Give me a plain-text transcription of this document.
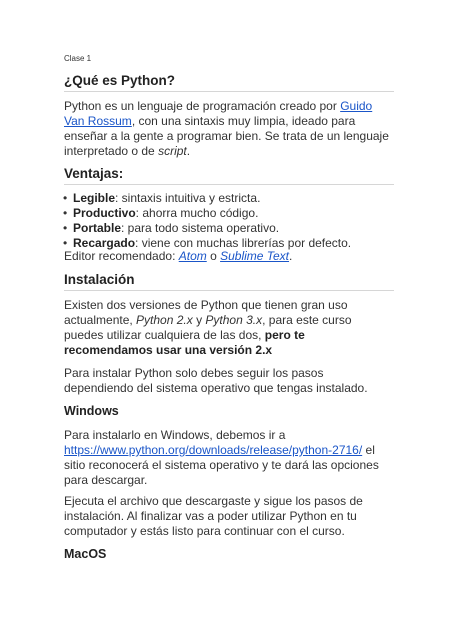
Clase 1
¿Qué es Python?
Python es un lenguaje de programación creado por Guido Van Rossum, con una sintaxis muy limpia, ideado para enseñar a la gente a programar bien. Se trata de un lenguaje interpretado o de script.
Ventajas:
• Legible: sintaxis intuitiva y estricta.
• Productivo: ahorra mucho código.
• Portable: para todo sistema operativo.
• Recargado: viene con muchas librerías por defecto.
Editor recomendado: Atom o Sublime Text.
Instalación
Existen dos versiones de Python que tienen gran uso actualmente, Python 2.x y Python 3.x, para este curso puedes utilizar cualquiera de las dos, pero te recomendamos usar una versión 2.x
Para instalar Python solo debes seguir los pasos dependiendo del sistema operativo que tengas instalado.
Windows
Para instalarlo en Windows, debemos ir a https://www.python.org/downloads/release/python-2716/ el sitio reconocerá el sistema operativo y te dará las opciones para descargar.
Ejecuta el archivo que descargaste y sigue los pasos de instalación. Al finalizar vas a poder utilizar Python en tu computador y estás listo para continuar con el curso.
MacOS
